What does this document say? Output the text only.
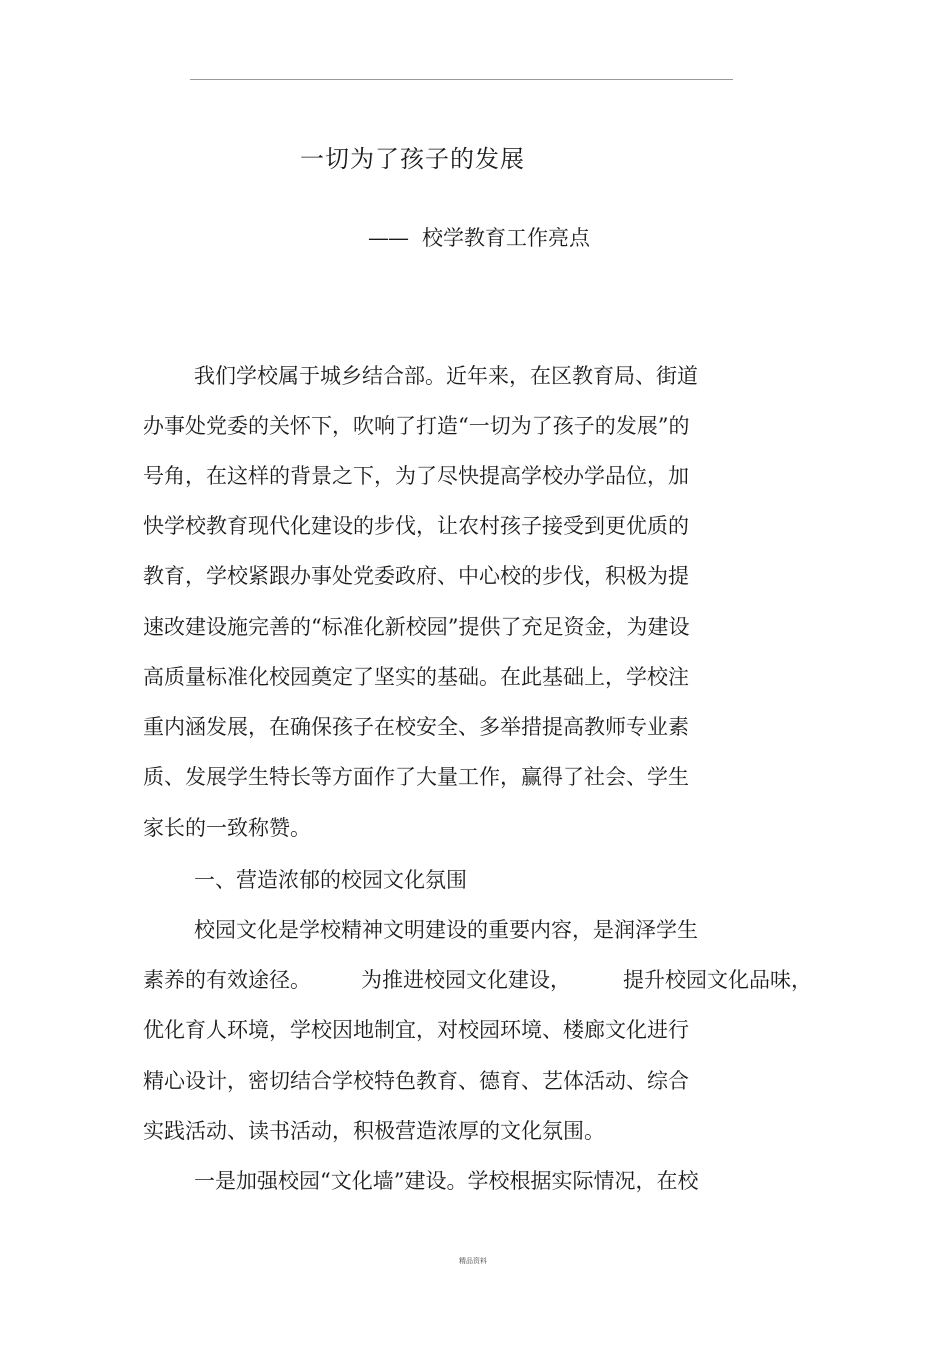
一切为了孩子的发展
—— 校学教育工作亮点
我们学校属于城乡结合部。近年来，在区教育局、街道
办事处党委的关怀下，吹响了打造“一切为了孩子的发展”的
号角，在这样的背景之下，为了尽快提高学校办学品位，加
快学校教育现代化建设的步伐，让农村孩子接受到更优质的
教育，学校紧跟办事处党委政府、中心校的步伐，积极为提
速改建设施完善的“标准化新校园”提供了充足资金，为建设
高质量标准化校园奠定了坚实的基础。在此基础上，学校注
重内涵发展，在确保孩子在校安全、多举措提高教师专业素
质、发展学生特长等方面作了大量工作，赢得了社会、学生
家长的一致称赞。
一、营造浓郁的校园文化氛围
校园文化是学校精神文明建设的重要内容，是润泽学生
素养的有效途径。 为推进校园文化建设， 提升校园文化品味，
优化育人环境，学校因地制宜，对校园环境、楼廊文化进行
精心设计，密切结合学校特色教育、德育、艺体活动、综合
实践活动、读书活动，积极营造浓厚的文化氛围。
一是加强校园“文化墙”建设。学校根据实际情况，在校
精品资料
